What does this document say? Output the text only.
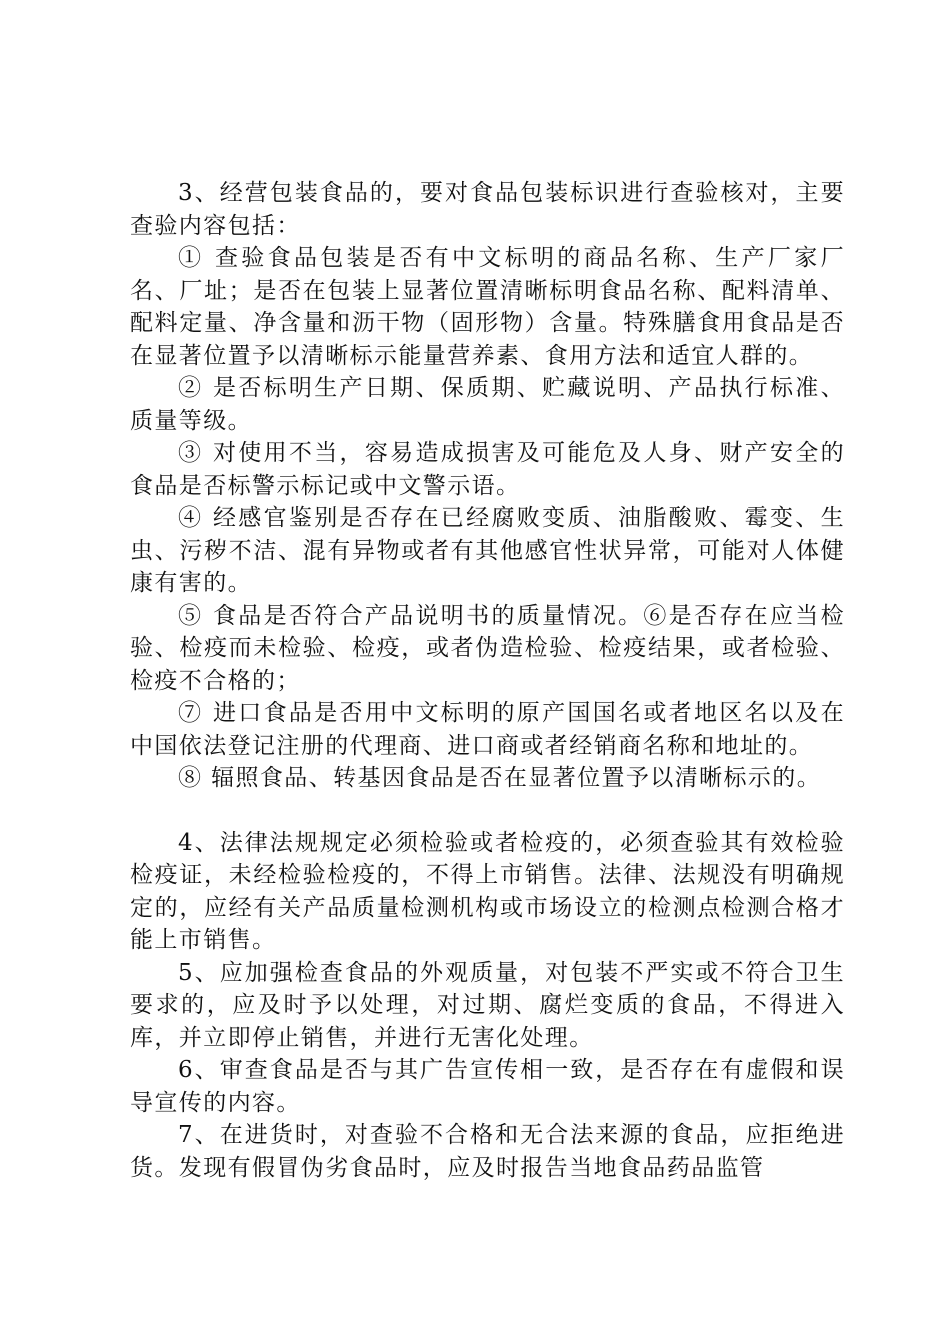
3、经营包装食品的，要对食品包装标识进行查验核对，主要查验内容包括：

① 查验食品包装是否有中文标明的商品名称、生产厂家厂名、厂址；是否在包装上显著位置清晰标明食品名称、配料清单、配料定量、净含量和沥干物（固形物）含量。特殊膳食用食品是否在显著位置予以清晰标示能量营养素、食用方法和适宜人群的。

② 是否标明生产日期、保质期、贮藏说明、产品执行标准、质量等级。

③ 对使用不当，容易造成损害及可能危及人身、财产安全的食品是否标警示标记或中文警示语。

④ 经感官鉴别是否存在已经腐败变质、油脂酸败、霉变、生虫、污秽不洁、混有异物或者有其他感官性状异常，可能对人体健康有害的。

⑤ 食品是否符合产品说明书的质量情况。⑥是否存在应当检验、检疫而未检验、检疫，或者伪造检验、检疫结果，或者检验、检疫不合格的；

⑦ 进口食品是否用中文标明的原产国国名或者地区名以及在中国依法登记注册的代理商、进口商或者经销商名称和地址的。

⑧ 辐照食品、转基因食品是否在显著位置予以清晰标示的。

4、法律法规规定必须检验或者检疫的，必须查验其有效检验检疫证，未经检验检疫的，不得上市销售。法律、法规没有明确规定的，应经有关产品质量检测机构或市场设立的检测点检测合格才能上市销售。

5、应加强检查食品的外观质量，对包装不严实或不符合卫生要求的，应及时予以处理，对过期、腐烂变质的食品，不得进入库，并立即停止销售，并进行无害化处理。

6、审查食品是否与其广告宣传相一致，是否存在有虚假和误导宣传的内容。

7、在进货时，对查验不合格和无合法来源的食品，应拒绝进货。发现有假冒伪劣食品时，应及时报告当地食品药品监管
